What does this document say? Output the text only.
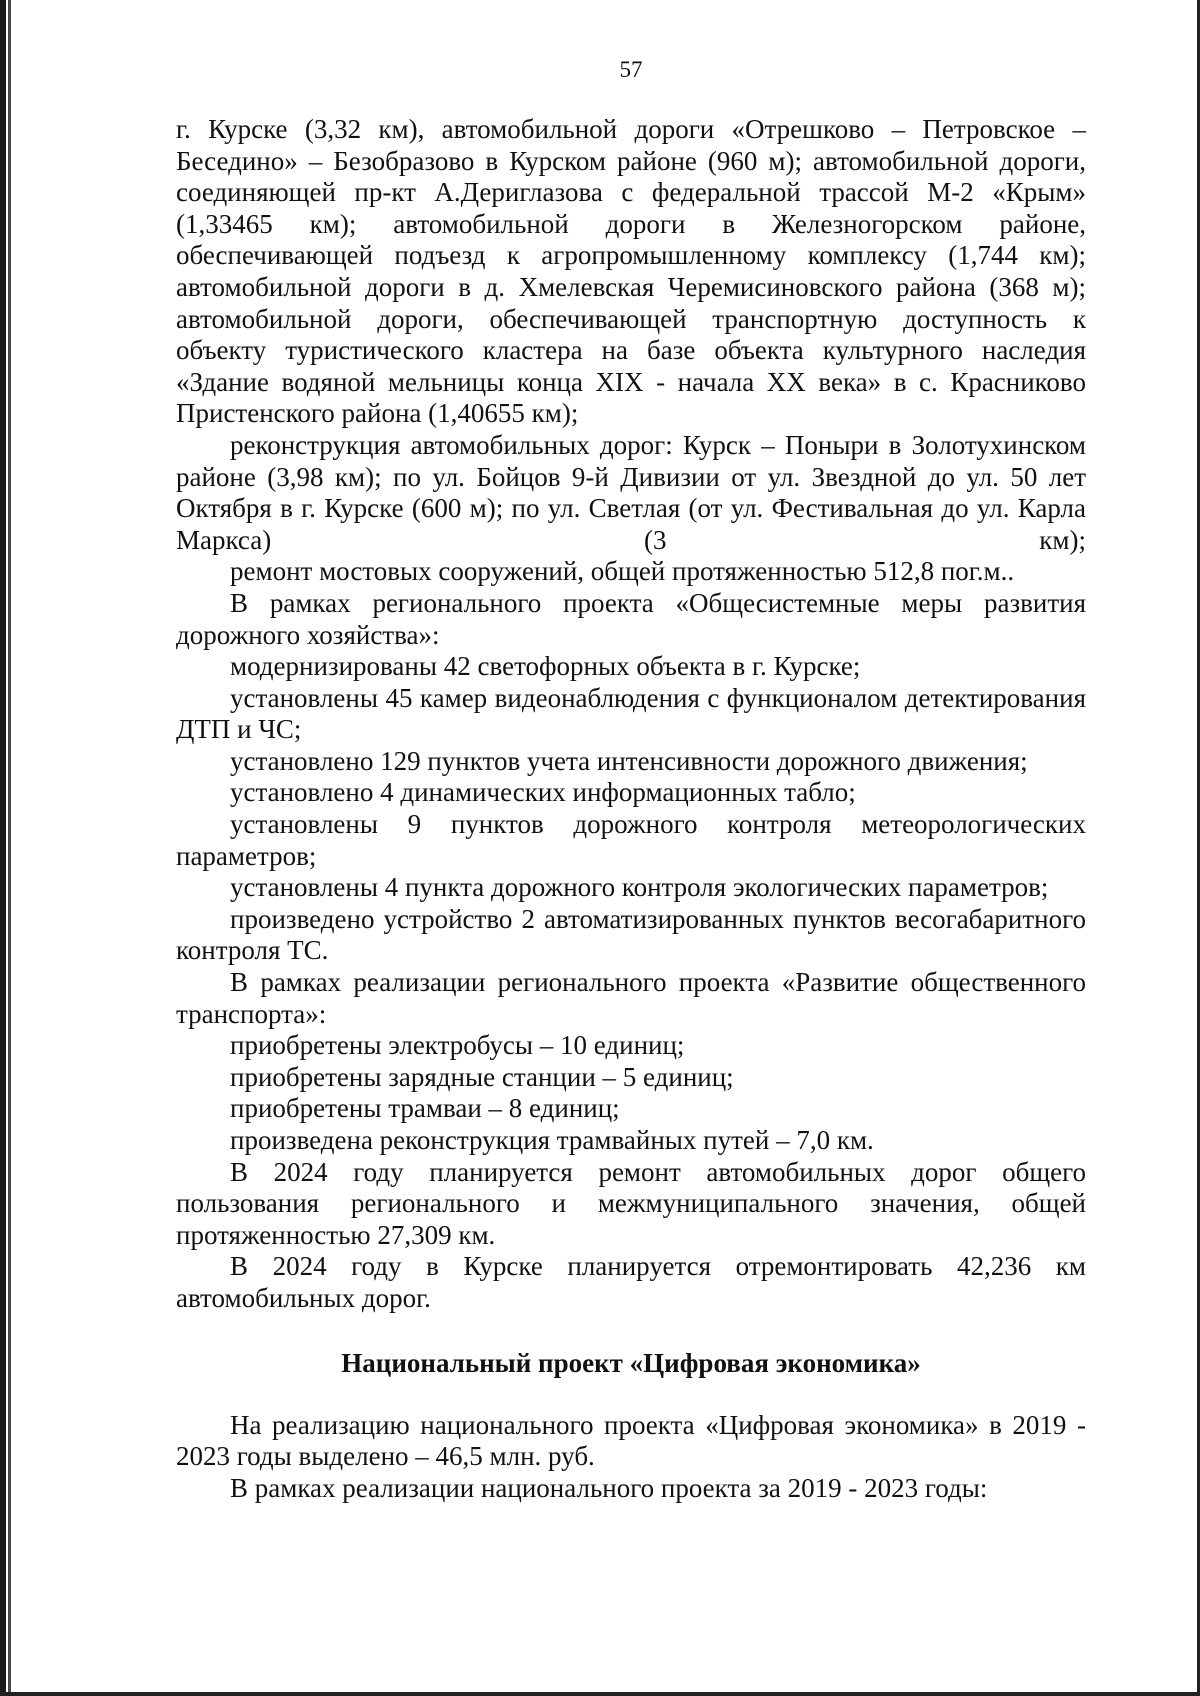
57

г. Курске (3,32 км), автомобильной дороги «Отрешково – Петровское – Беседино» – Безобразово в Курском районе (960 м); автомобильной дороги, соединяющей пр-кт А.Дериглазова с федеральной трассой М-2 «Крым» (1,33465 км); автомобильной дороги в Железногорском районе, обеспечивающей подъезд к агропромышленному комплексу (1,744 км); автомобильной дороги в д. Хмелевская Черемисиновского района (368 м); автомобильной дороги, обеспечивающей транспортную доступность к объекту туристического кластера на базе объекта культурного наследия «Здание водяной мельницы конца XIX - начала XX века» в с. Красниково Пристенского района (1,40655 км);

реконструкция автомобильных дорог: Курск – Поныри в Золотухинском районе (3,98 км); по ул. Бойцов 9-й Дивизии от ул. Звездной до ул. 50 лет Октября в г. Курске (600 м); по ул. Светлая (от ул. Фестивальная до ул. Карла Маркса) (3 км);

ремонт мостовых сооружений, общей протяженностью 512,8 пог.м..

В рамках регионального проекта «Общесистемные меры развития дорожного хозяйства»:

модернизированы 42 светофорных объекта в г. Курске;

установлены 45 камер видеонаблюдения с функционалом детектирования ДТП и ЧС;

установлено 129 пунктов учета интенсивности дорожного движения;

установлено 4 динамических информационных табло;

установлены 9 пунктов дорожного контроля метеорологических параметров;

установлены 4 пункта дорожного контроля экологических параметров;

произведено устройство 2 автоматизированных пунктов весогабаритного контроля ТС.

В рамках реализации регионального проекта «Развитие общественного транспорта»:

приобретены электробусы – 10 единиц;

приобретены зарядные станции – 5 единиц;

приобретены трамваи – 8 единиц;

произведена реконструкция трамвайных путей – 7,0 км.

В 2024 году планируется ремонт автомобильных дорог общего пользования регионального и межмуниципального значения, общей протяженностью 27,309 км.

В 2024 году в Курске планируется отремонтировать 42,236 км автомобильных дорог.

Национальный проект «Цифровая экономика»

На реализацию национального проекта «Цифровая экономика» в 2019 - 2023 годы выделено – 46,5 млн. руб.

В рамках реализации национального проекта за 2019 - 2023 годы:
